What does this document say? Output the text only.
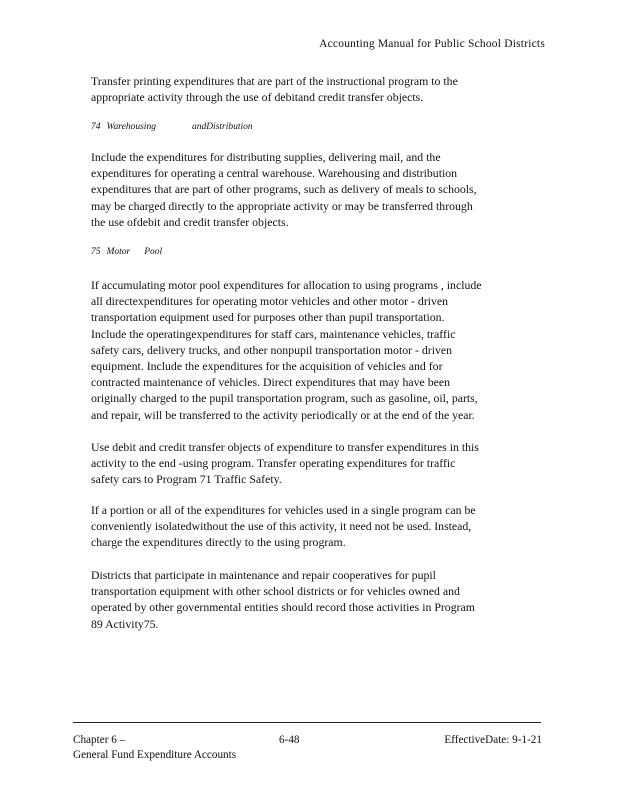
Accounting Manual for Public School Districts

Transfer printing expenditures that are part of the instructional program to the
appropriate activity through the use of debitand credit transfer objects.

74 Warehousing	andDistribution

Include the expenditures for distributing supplies, delivering mail, and the
expenditures for operating a central warehouse. Warehousing and distribution
expenditures that are part of other programs, such as delivery of meals to schools,
may be charged directly to the appropriate activity or may be transferred through
the use ofdebit and credit transfer objects.

75 Motor Pool

If accumulating motor pool expenditures for allocation to using programs , include
all directexpenditures for operating motor vehicles and other motor - driven
transportation equipment used for purposes other than pupil transportation.
Include the operatingexpenditures for staff cars, maintenance vehicles, traffic
safety cars, delivery trucks, and other nonpupil transportation motor - driven
equipment. Include the expenditures for the acquisition of vehicles and for
contracted maintenance of vehicles. Direct expenditures that may have been
originally charged to the pupil transportation program, such as gasoline, oil, parts,
and repair, will be transferred to the activity periodically or at the end of the year.

Use debit and credit transfer objects of expenditure to transfer expenditures in this
activity to the end -using program. Transfer operating expenditures for traffic
safety cars to Program 71 Traffic Safety.

If a portion or all of the expenditures for vehicles used in a single program can be
conveniently isolatedwithout the use of this activity, it need not be used. Instead,
charge the expenditures directly to the using program.

Districts that participate in maintenance and repair cooperatives for pupil
transportation equipment with other school districts or for vehicles owned and
operated by other governmental entities should record those activities in Program
89 Activity75.

Chapter 6 –	6-48	EffectiveDate: 9-1-21
General Fund Expenditure Accounts
